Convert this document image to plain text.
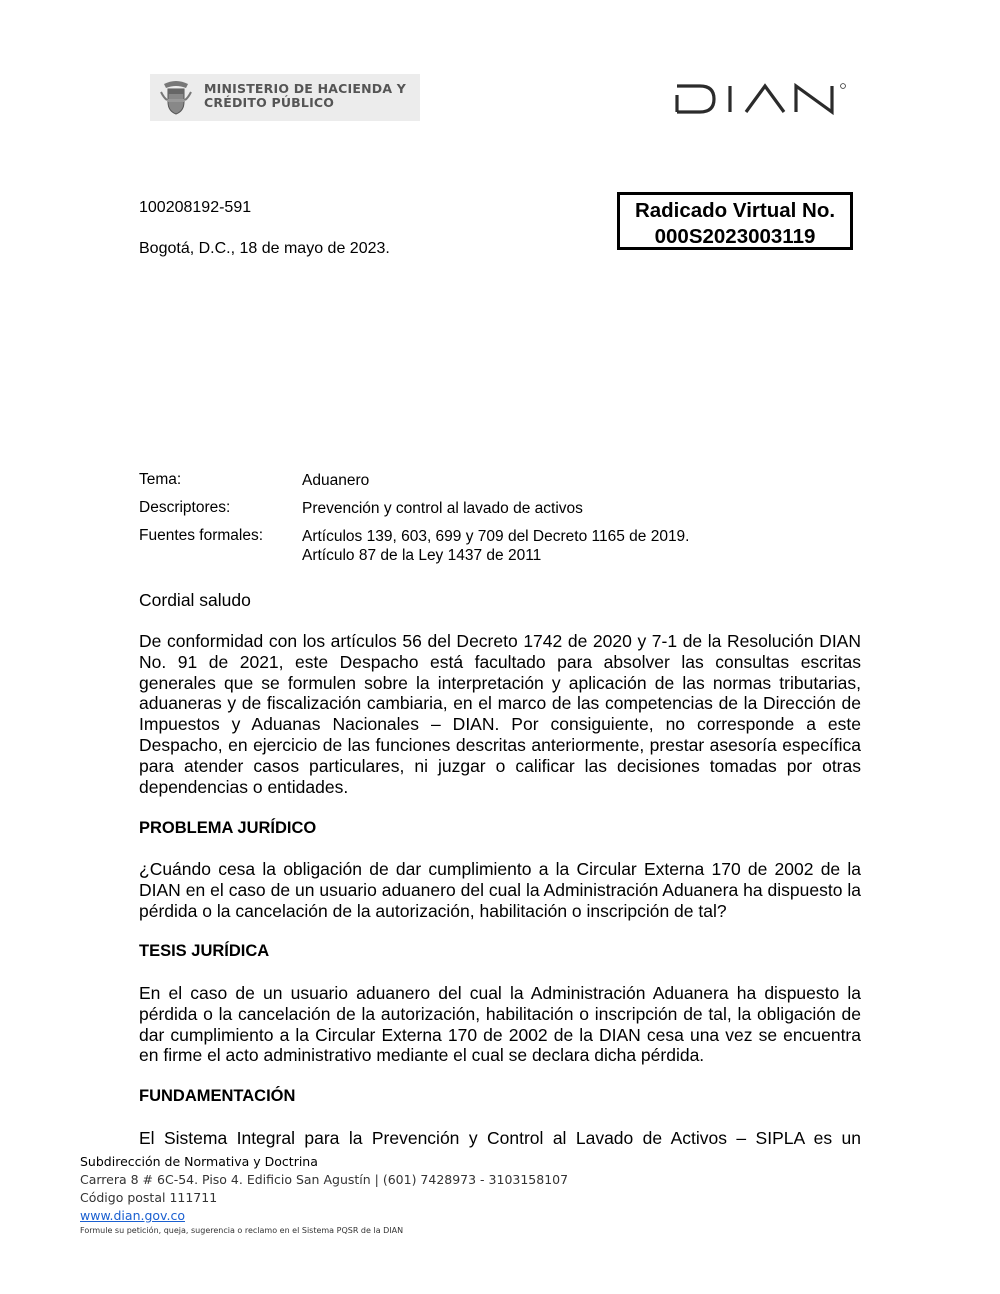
MINISTERIO DE HACIENDA Y
CRÉDITO PÚBLICO
100208192-591
Bogotá, D.C., 18 de mayo de 2023.
Radicado Virtual No.
000S2023003119
Tema:	Aduanero
Descriptores:	Prevención y control al lavado de activos
Fuentes formales:	Artículos 139, 603, 699 y 709 del Decreto 1165 de 2019.
Artículo 87 de la Ley 1437 de 2011
Cordial saludo
De conformidad con los artículos 56 del Decreto 1742 de 2020 y 7-1 de la Resolución DIAN No. 91 de 2021, este Despacho está facultado para absolver las consultas escritas generales que se formulen sobre la interpretación y aplicación de las normas tributarias, aduaneras y de fiscalización cambiaria, en el marco de las competencias de la Dirección de Impuestos y Aduanas Nacionales – DIAN. Por consiguiente, no corresponde a este Despacho, en ejercicio de las funciones descritas anteriormente, prestar asesoría específica para atender casos particulares, ni juzgar o calificar las decisiones tomadas por otras dependencias o entidades.
PROBLEMA JURÍDICO
¿Cuándo cesa la obligación de dar cumplimiento a la Circular Externa 170 de 2002 de la DIAN en el caso de un usuario aduanero del cual la Administración Aduanera ha dispuesto la pérdida o la cancelación de la autorización, habilitación o inscripción de tal?
TESIS JURÍDICA
En el caso de un usuario aduanero del cual la Administración Aduanera ha dispuesto la pérdida o la cancelación de la autorización, habilitación o inscripción de tal, la obligación de dar cumplimiento a la Circular Externa 170 de 2002 de la DIAN cesa una vez se encuentra en firme el acto administrativo mediante el cual se declara dicha pérdida.
FUNDAMENTACIÓN
El Sistema Integral para la Prevención y Control al Lavado de Activos – SIPLA es un
Subdirección de Normativa y Doctrina
Carrera 8 # 6C-54. Piso 4. Edificio San Agustín | (601) 7428973 - 3103158107
Código postal 111711
www.dian.gov.co
Formule su petición, queja, sugerencia o reclamo en el Sistema PQSR de la DIAN
